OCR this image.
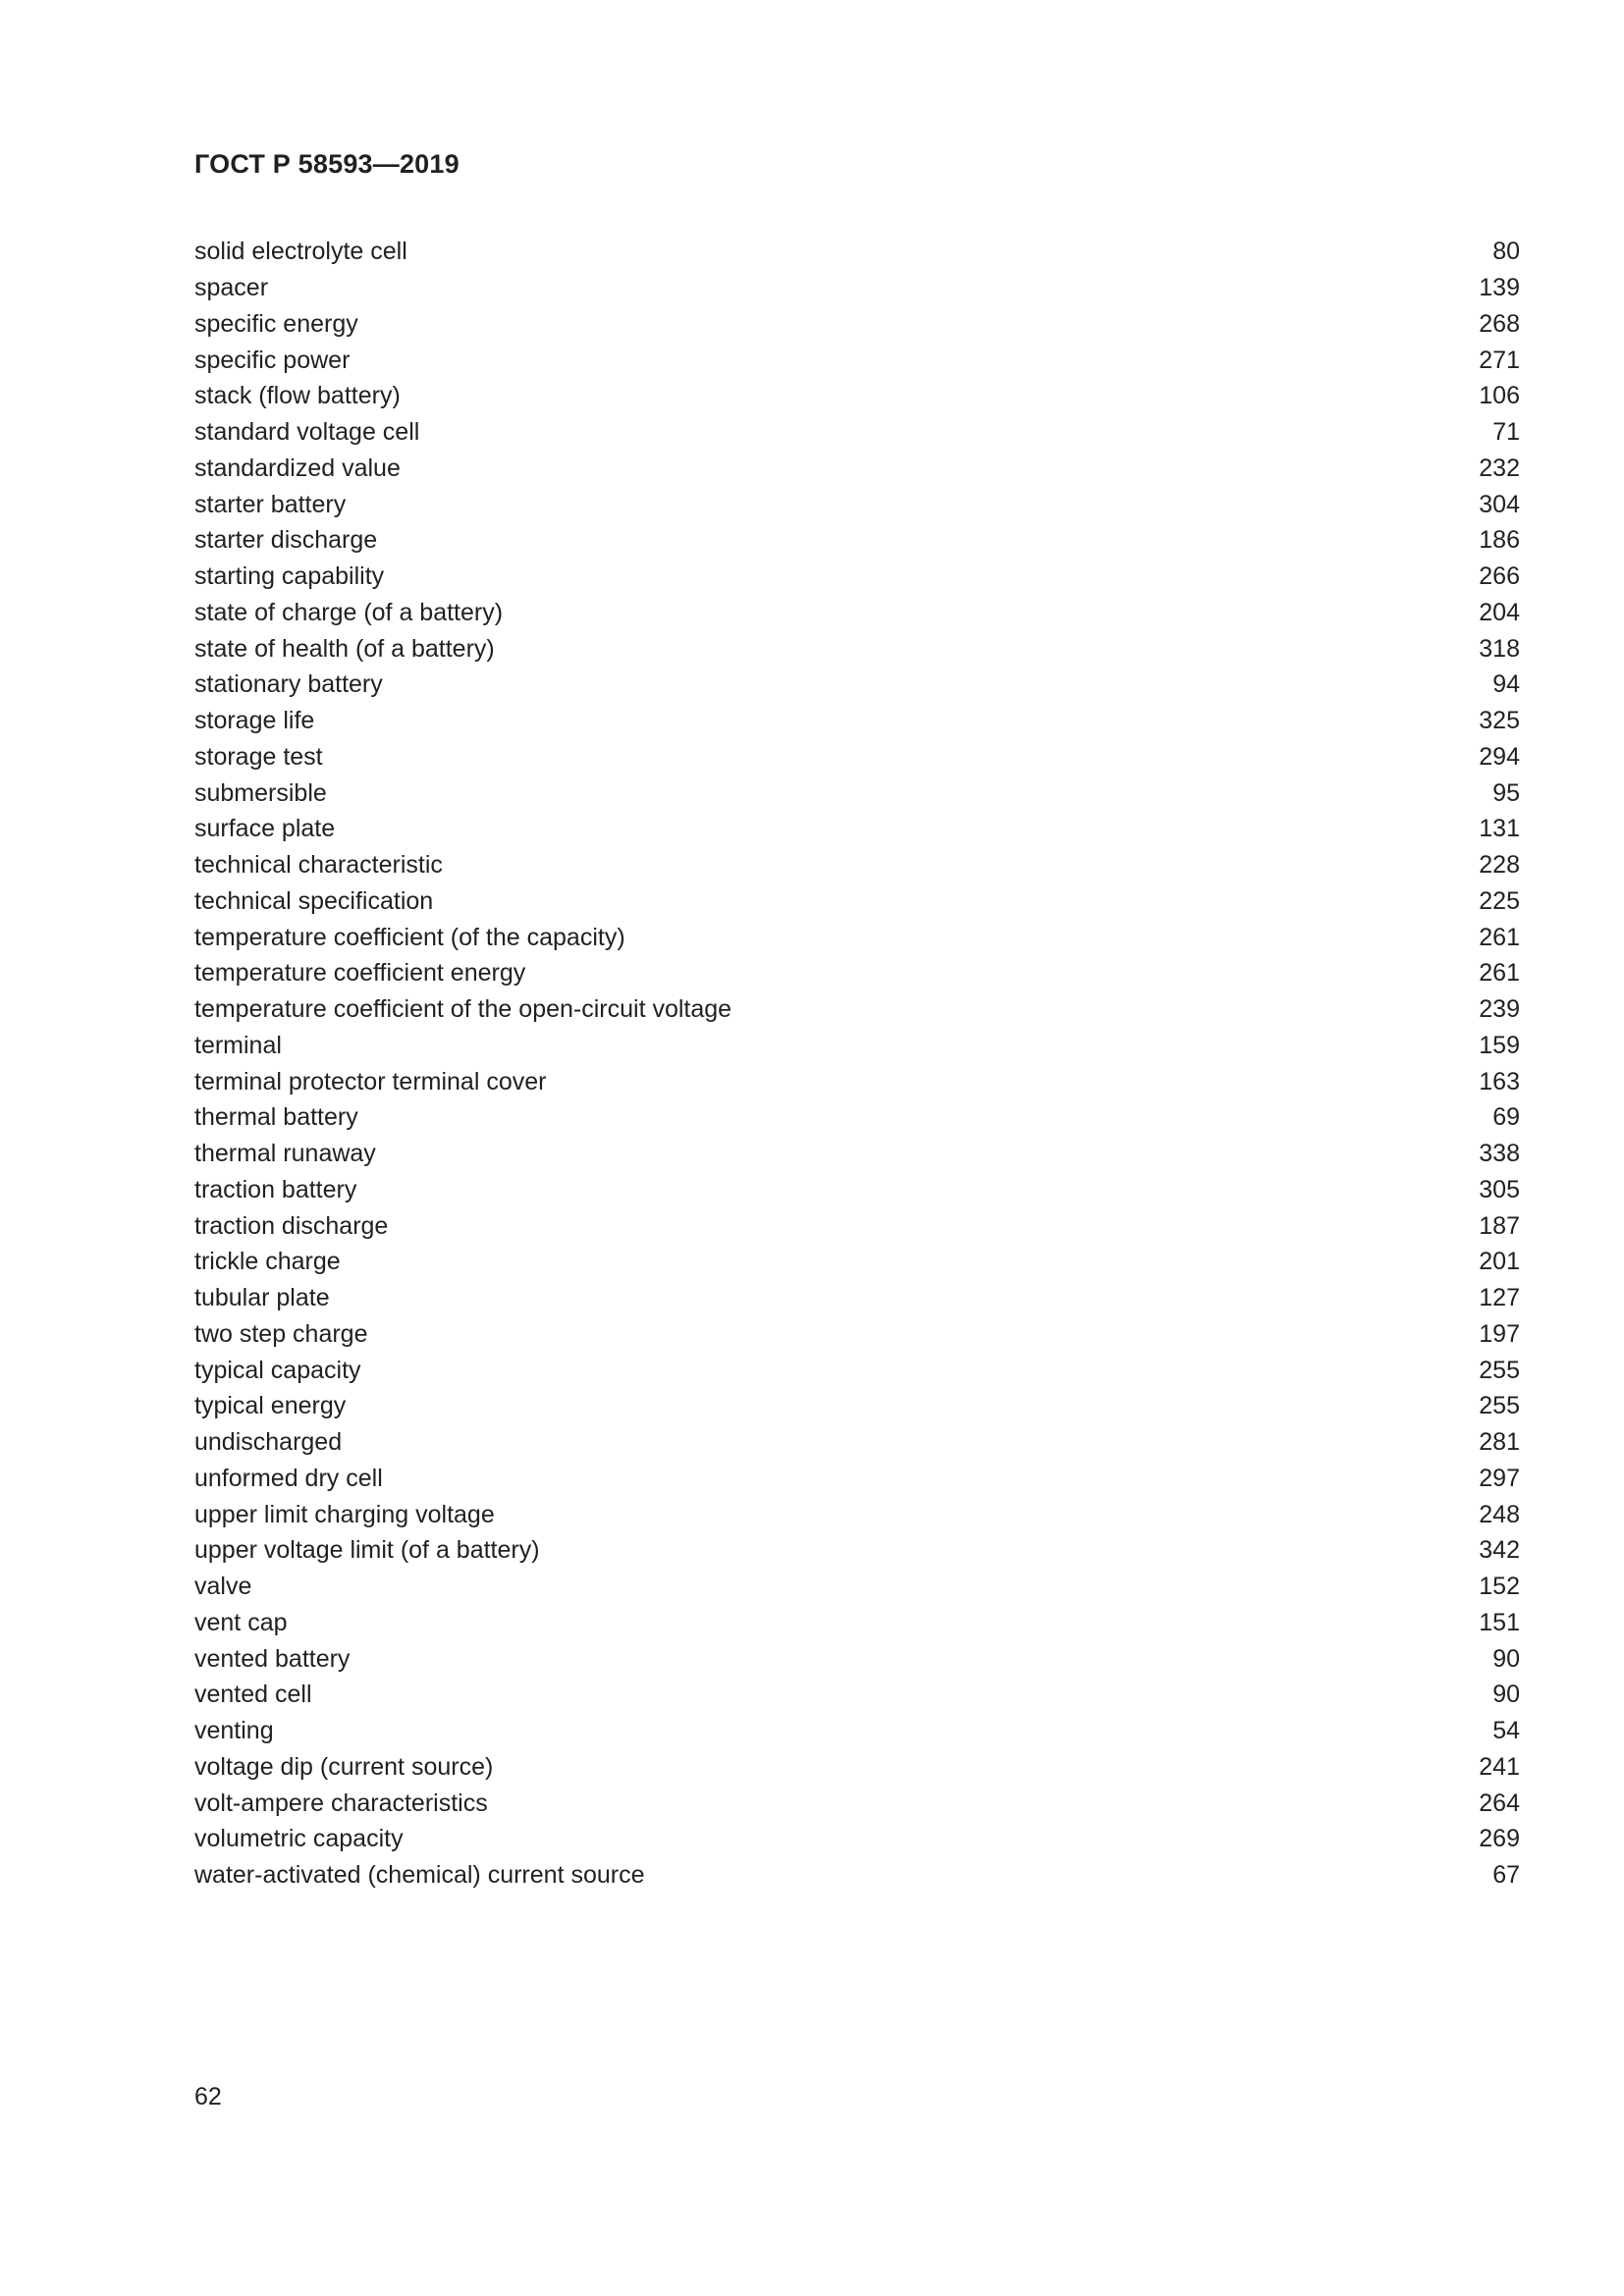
ГОСТ Р 58593—2019
solid electrolyte cell	80
spacer	139
specific energy	268
specific power	271
stack (flow battery)	106
standard voltage cell	71
standardized value	232
starter battery	304
starter discharge	186
starting capability	266
state of charge (of a battery)	204
state of health (of a battery)	318
stationary battery	94
storage life	325
storage test	294
submersible	95
surface plate	131
technical characteristic	228
technical specification	225
temperature coefficient (of the capacity)	261
temperature coefficient energy	261
temperature coefficient of the open-circuit voltage	239
terminal	159
terminal protector terminal cover	163
thermal battery	69
thermal runaway	338
traction battery	305
traction discharge	187
trickle charge	201
tubular plate	127
two step charge	197
typical capacity	255
typical energy	255
undischarged	281
unformed dry cell	297
upper limit charging voltage	248
upper voltage limit (of a battery)	342
valve	152
vent cap	151
vented battery	90
vented cell	90
venting	54
voltage dip (current source)	241
volt-ampere characteristics	264
volumetric capacity	269
water-activated (chemical) current source	67
62
